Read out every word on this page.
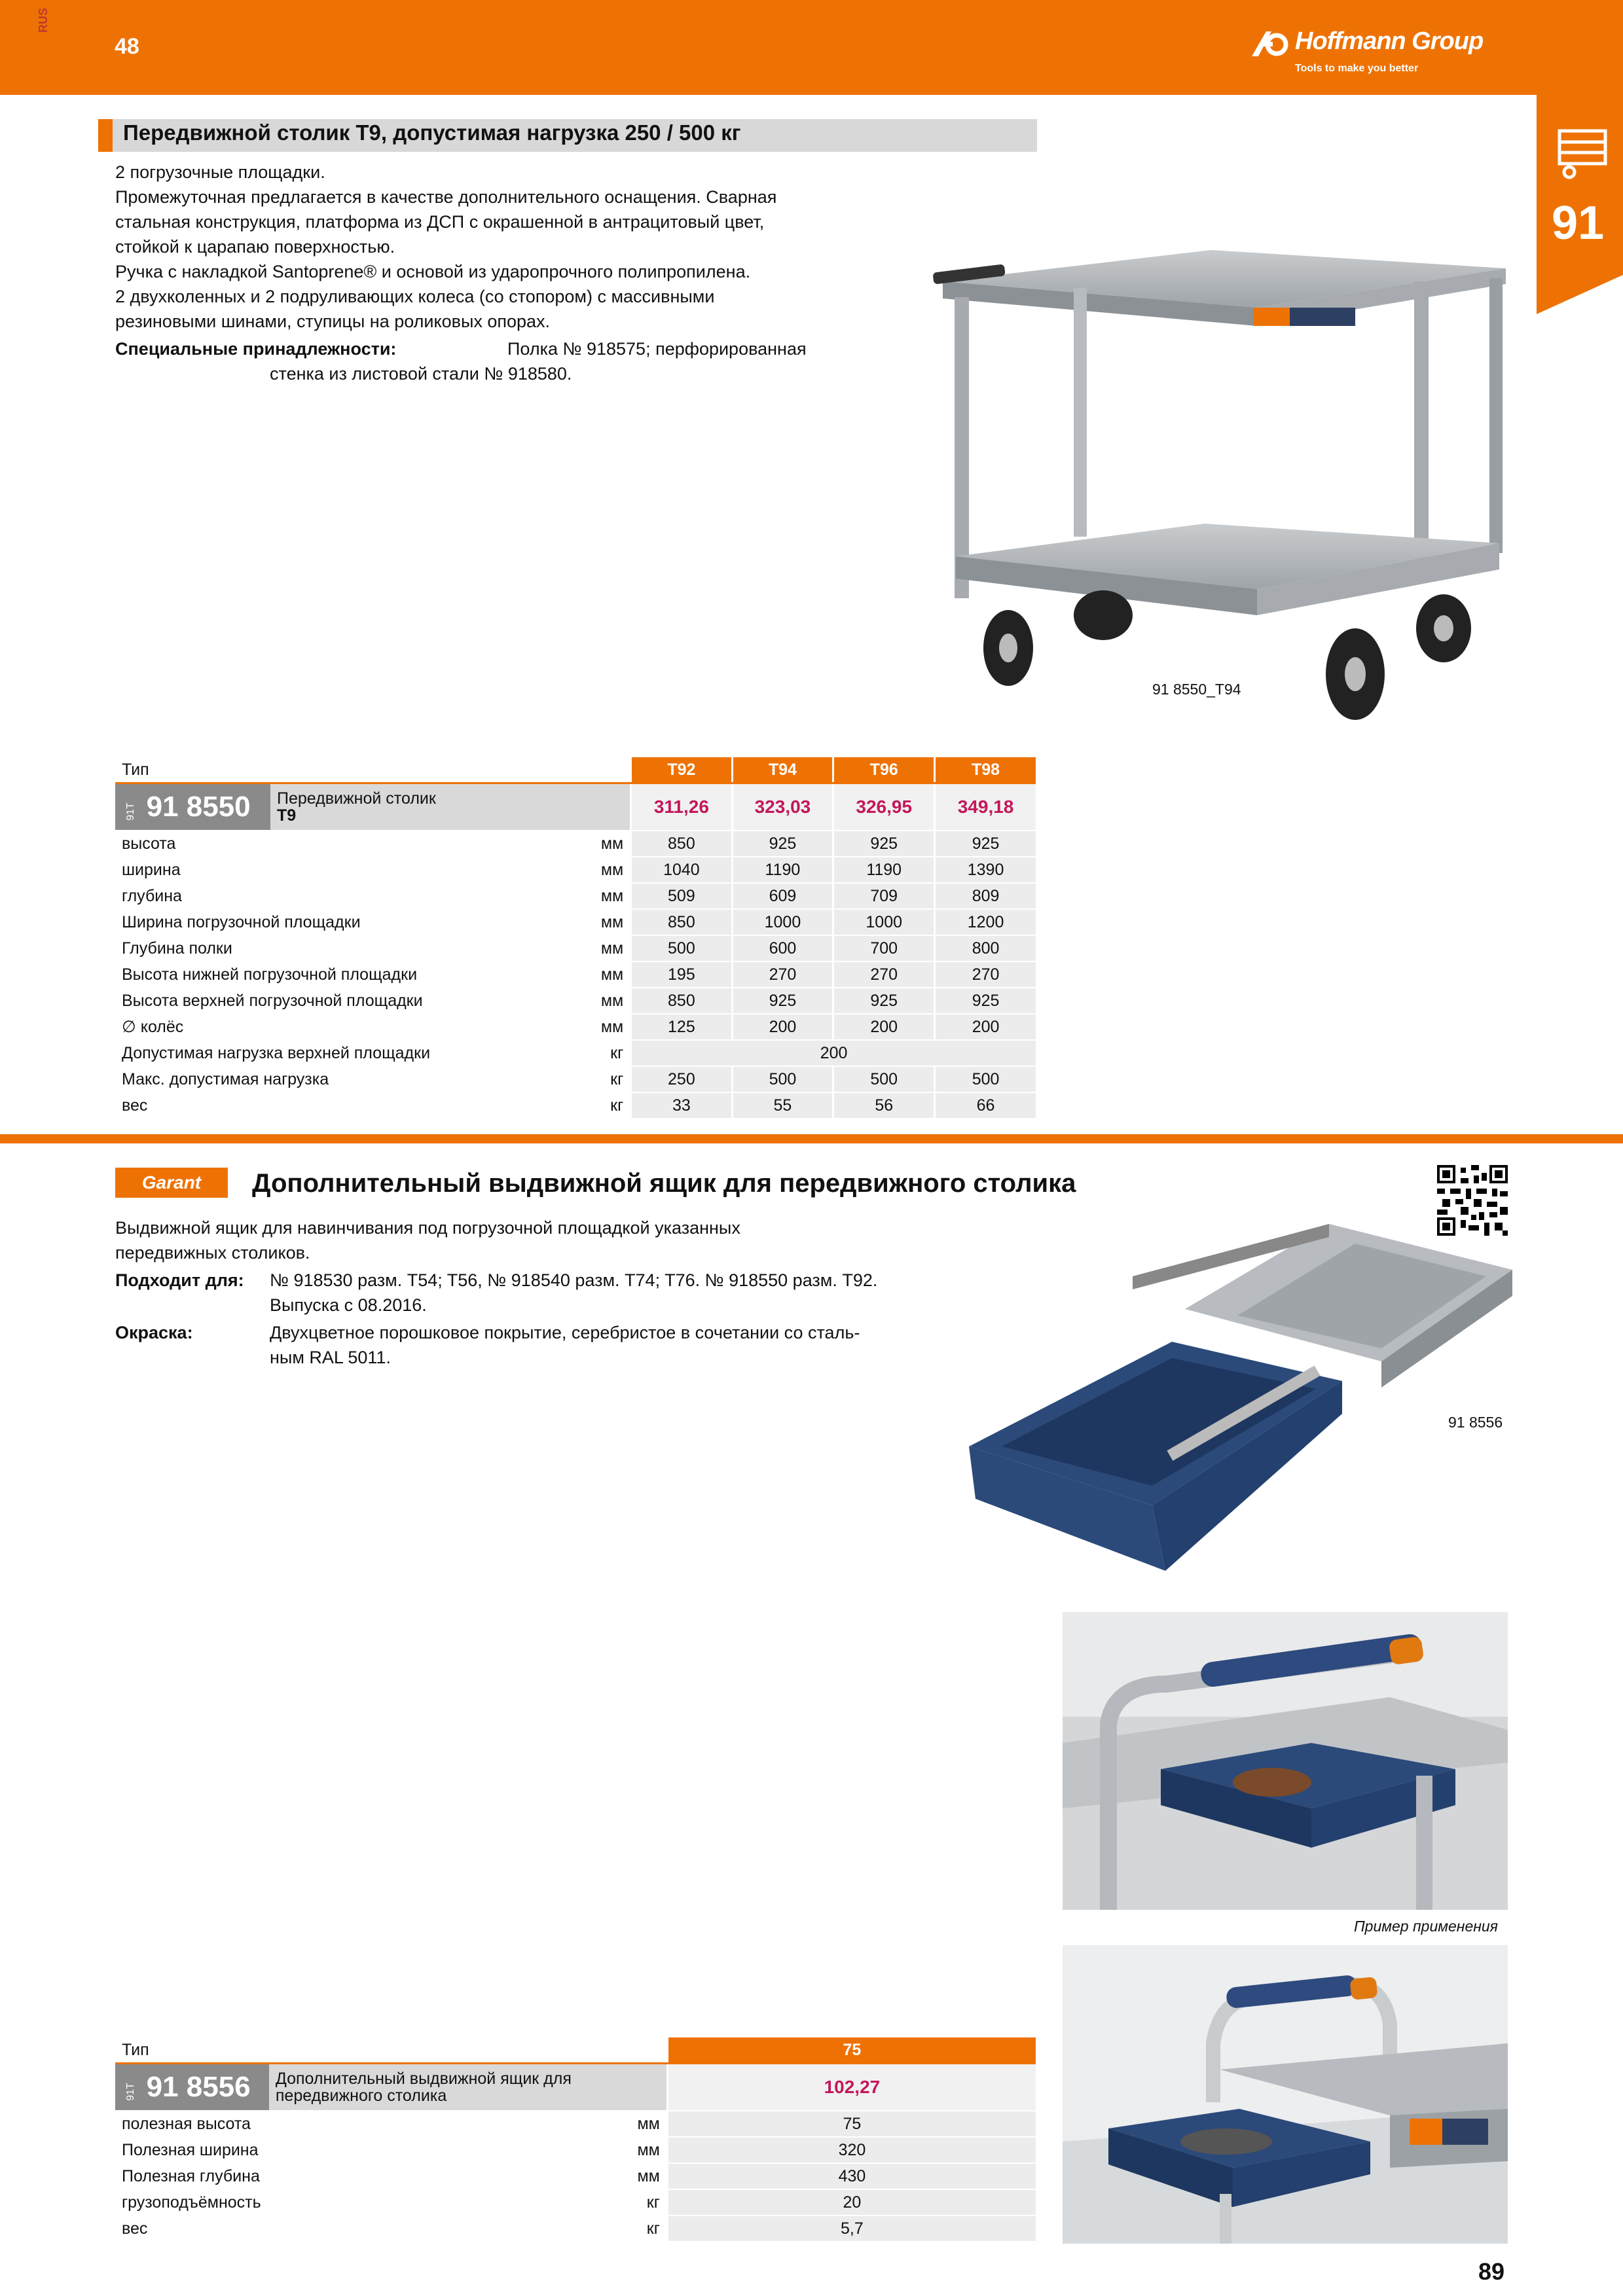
RUS
48	Hoffmann Group
Tools to make you better
91
Передвижной столик Т9, допустимая нагрузка 250 / 500 кг
2 погрузочные площадки.
Промежуточная предлагается в качестве дополнительного оснащения. Сварная
стальная конструкция, платформа из ДСП с окрашенной в антрацитовый цвет,
стойкой к царапаю поверхностью.
Ручка с накладкой Santoprene® и основой из ударопрочного полипропилена.
2 двухколенных и 2 подруливающих колеса (со стопором) с массивными
резиновыми шинами, ступицы на роликовых опорах.
Специальные принадлежности:	Полка № 918575; перфорированная
стенка из листовой стали № 918580.
91 8550_T94
Тип			T92	T94	T96	T98
91T 91 8550	Передвижной столик
Т9		311,26	323,03	326,95	349,18
высота		мм	850	925	925	925
ширина		мм	1040	1190	1190	1390
глубина		мм	509	609	709	809
Ширина погрузочной площадки		мм	850	1000	1000	1200
Глубина полки		мм	500	600	700	800
Высота нижней погрузочной площадки		мм	195	270	270	270
Высота верхней погрузочной площадки		мм	850	925	925	925
∅ колёс		мм	125	200	200	200
Допустимая нагрузка верхней площадки		кг	200			
Макс. допустимая нагрузка		кг	250	500	500	500
вес		кг	33	55	56	66
Garant	Дополнительный выдвижной ящик для передвижного столика
Выдвижной ящик для навинчивания под погрузочной площадкой указанных
передвижных столиков.
Подходит для: № 918530 разм. T54; T56, № 918540 разм. T74; T76. № 918550 разм. T92.
Выпуска с 08.2016.
Окраска:	Двухцветное порошковое покрытие, серебристое в сочетании со сталь-
ным RAL 5011.
91 8556
Пример применения
Тип			75
91T 91 8556	Дополнительный выдвижной ящик для
передвижного столика		102,27
полезная высота		мм	75
Полезная ширина		мм	320
Полезная глубина		мм	430
грузоподъёмность		кг	20
вес		кг	5,7
89
